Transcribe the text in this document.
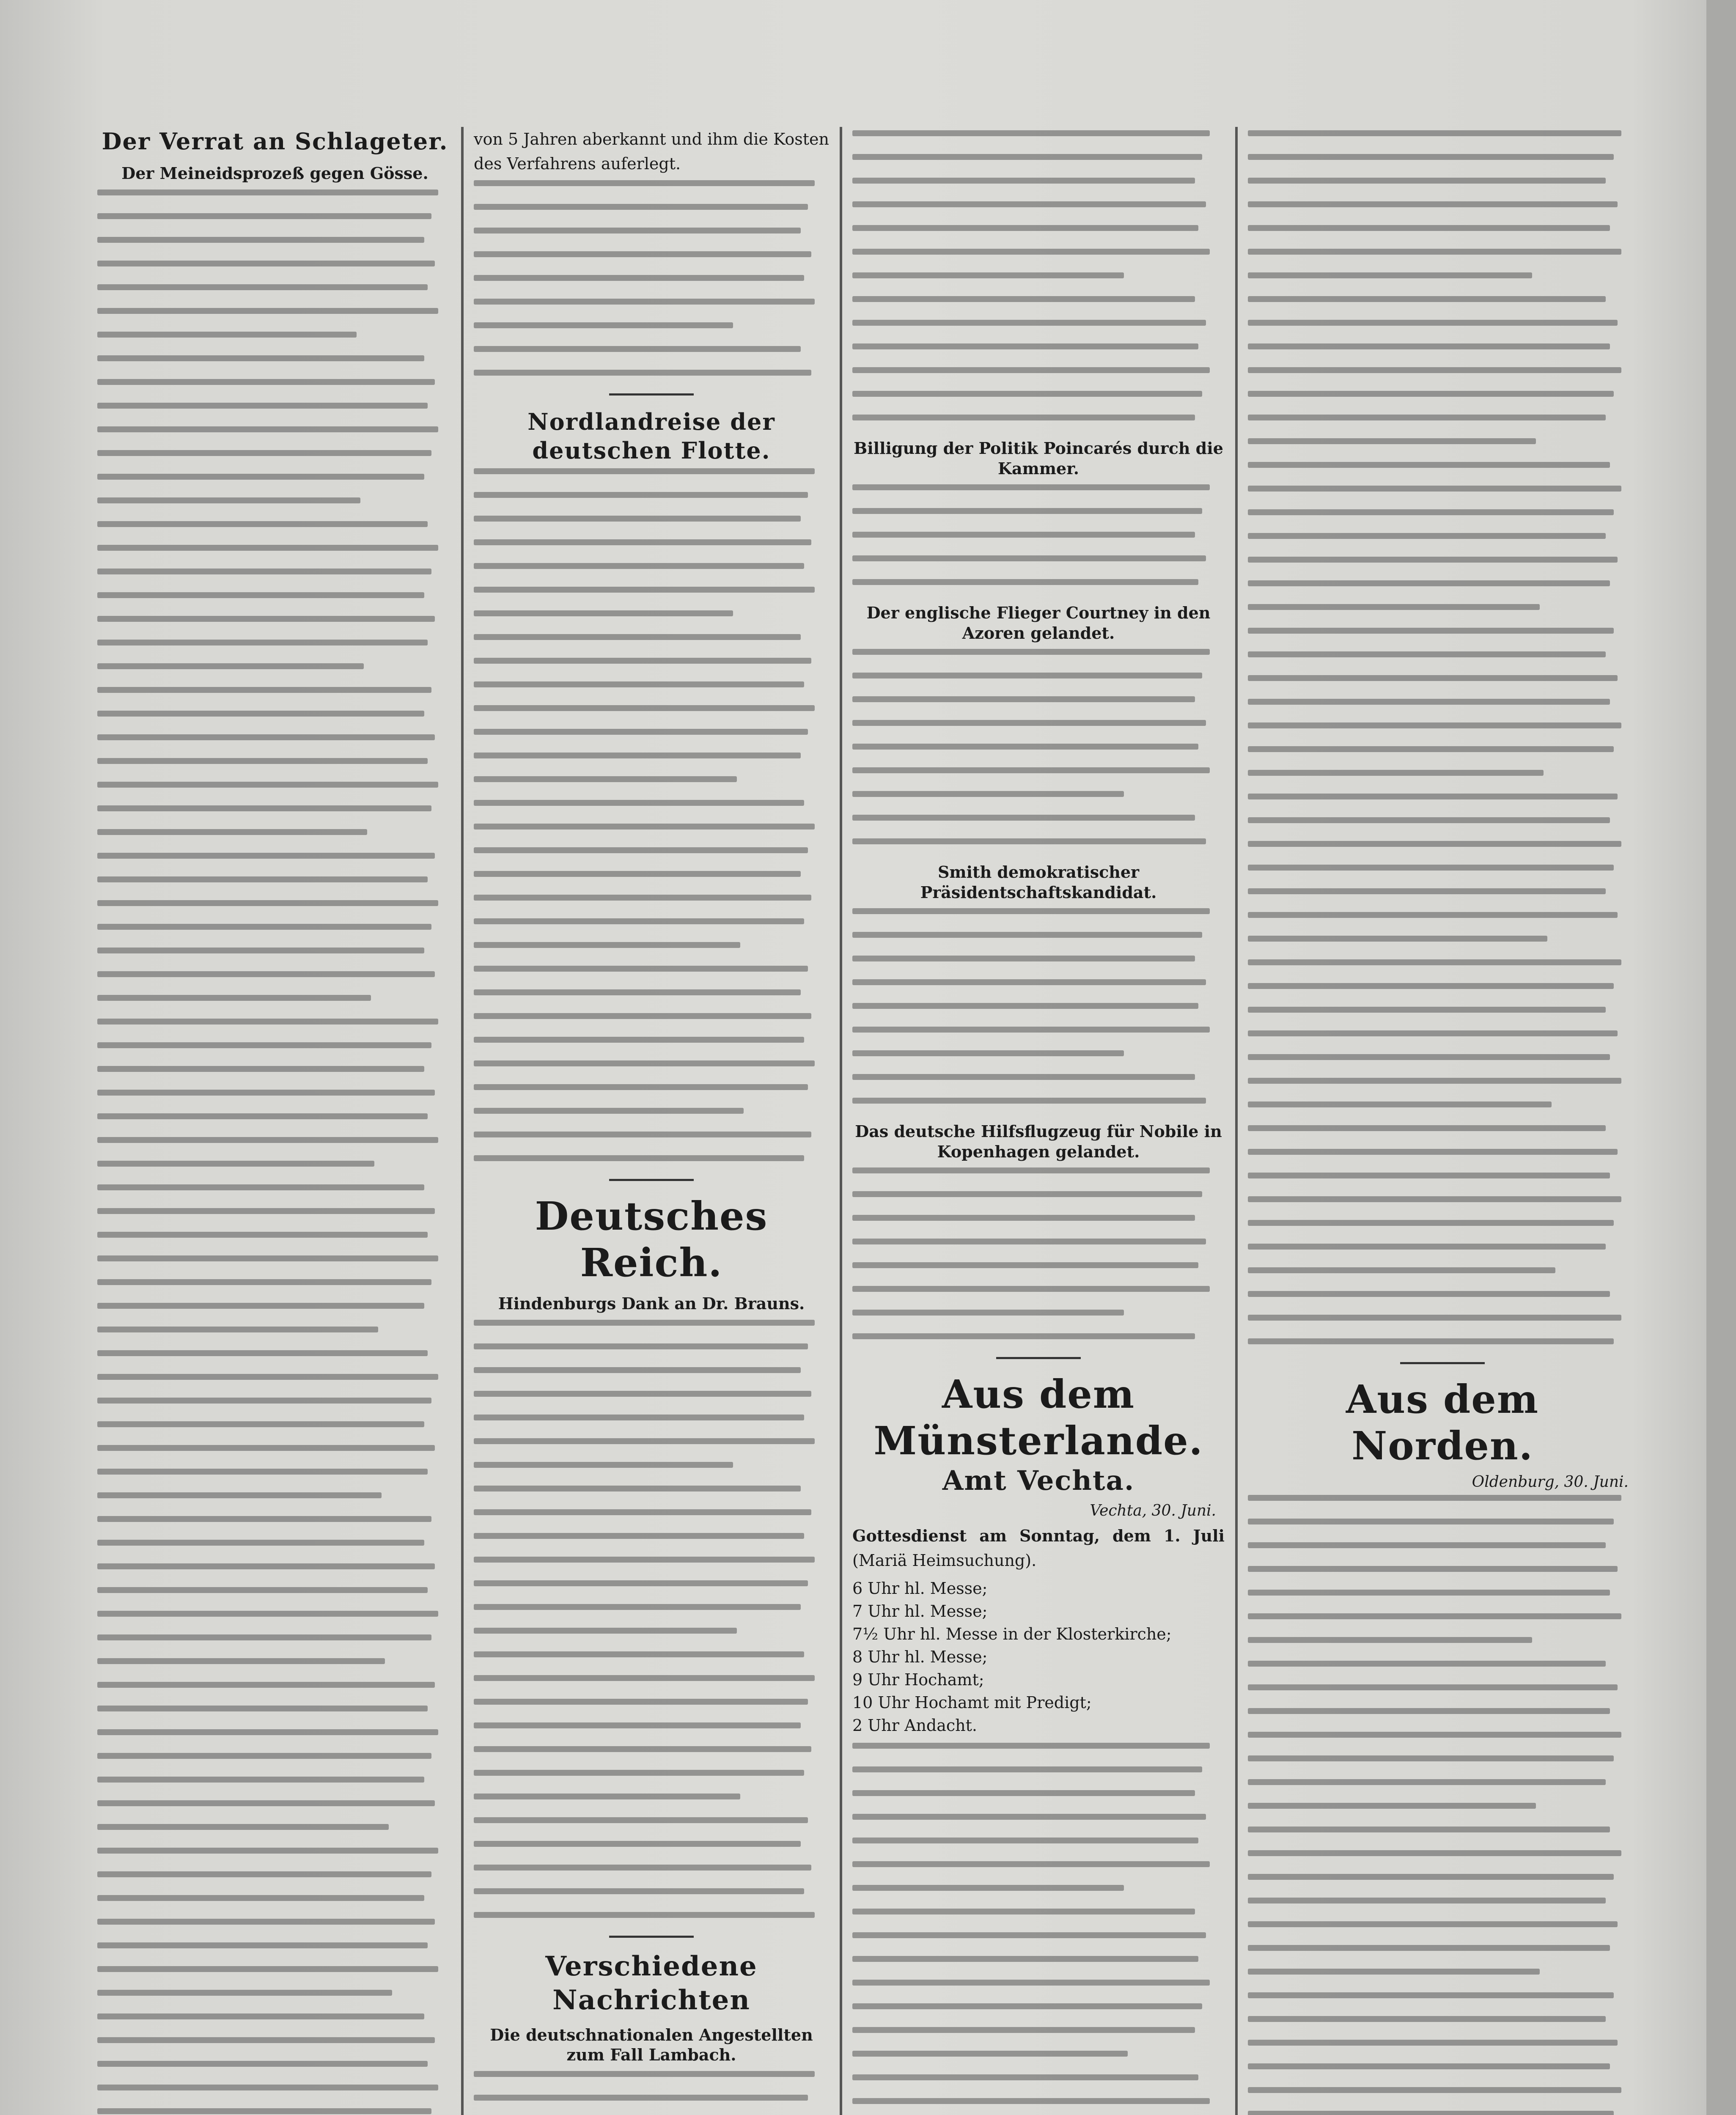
Der Verrat an Schlageter.
Der Meineidsprozeß gegen Gösse.
von 5 Jahren aberkannt und ihm die Kosten des Verfahrens auferlegt.
Nordlandreise der deutschen Flotte.
Deutsches Reich.
Hindenburgs Dank an Dr. Brauns.
Verschiedene Nachrichten
Die deutschnationalen Angestellten zum Fall Lambach.
Billigung der Politik Poincarés durch die Kammer.
Der englische Flieger Courtney in den Azoren gelandet.
Smith demokratischer Präsidentschaftskandidat.
Das deutsche Hilfsflugzeug für Nobile in Kopenhagen gelandet.
Aus dem Münsterlande.
Amt Vechta.
Vechta, 30. Juni.
Gottesdienst am Sonntag, dem 1. Juli (Mariä Heimsuchung).
6 Uhr hl. Messe;
7 Uhr hl. Messe;
7½ Uhr hl. Messe in der Klosterkirche;
8 Uhr hl. Messe;
9 Uhr Hochamt;
10 Uhr Hochamt mit Predigt;
2 Uhr Andacht.
Aus dem Norden.
Oldenburg, 30. Juni.
